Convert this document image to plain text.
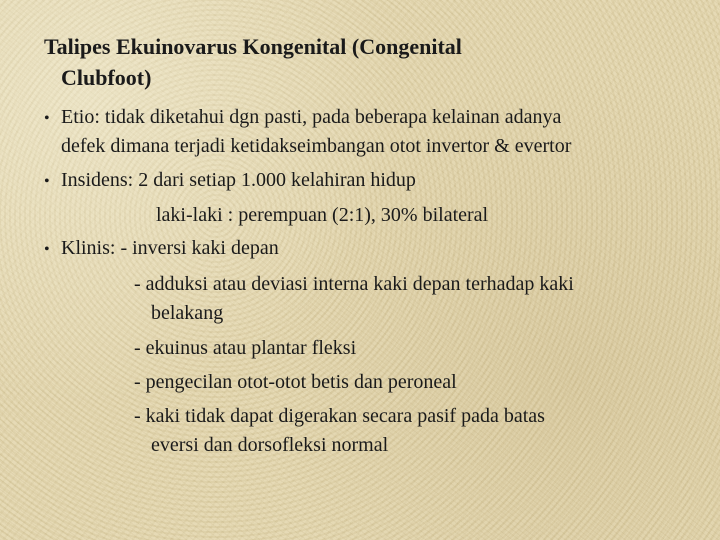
Talipes Ekuinovarus Kongenital (Congenital
Clubfoot)
• Etio: tidak diketahui dgn pasti, pada beberapa kelainan adanya
defek dimana terjadi ketidakseimbangan otot invertor & evertor
• Insidens: 2 dari setiap 1.000 kelahiran hidup
laki-laki : perempuan (2:1), 30% bilateral
• Klinis: - inversi kaki depan
- adduksi atau deviasi interna kaki depan terhadap kaki
belakang
- ekuinus atau plantar fleksi
- pengecilan otot-otot betis dan peroneal
- kaki tidak dapat digerakan secara pasif pada batas
eversi dan dorsofleksi normal
